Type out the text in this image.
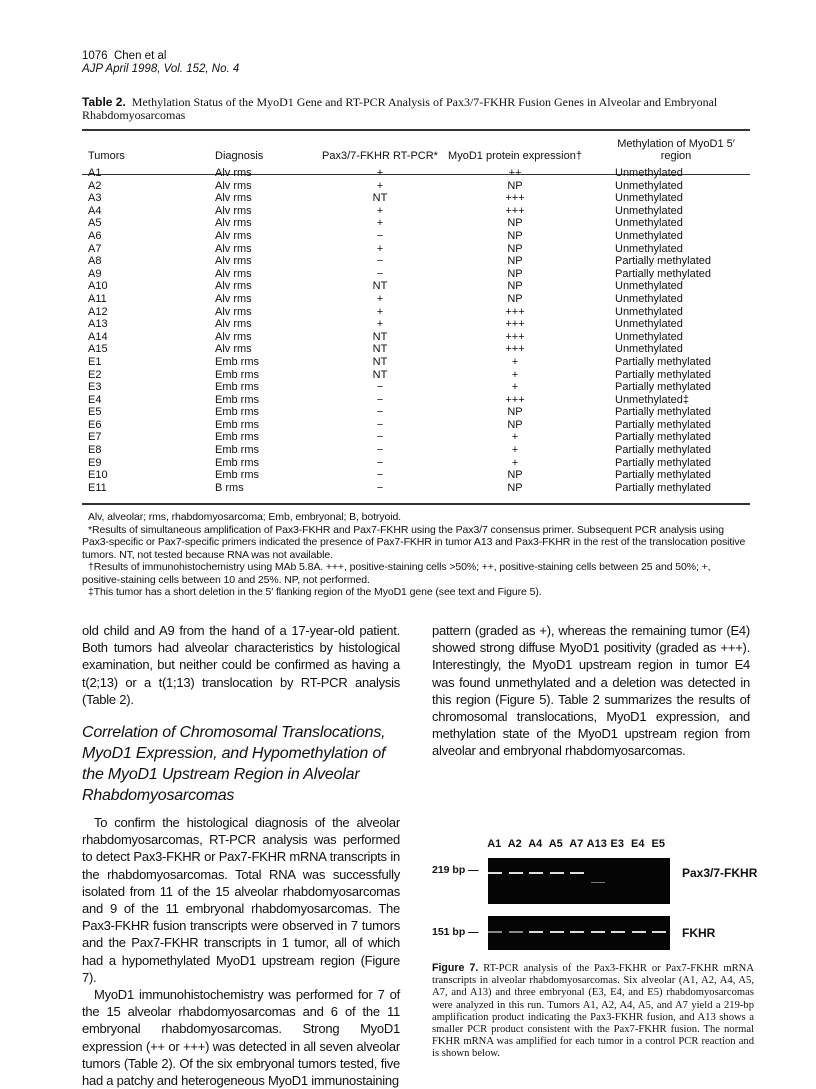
1076 Chen et al
AJP April 1998, Vol. 152, No. 4
Table 2. Methylation Status of the MyoD1 Gene and RT-PCR Analysis of Pax3/7-FKHR Fusion Genes in Alveolar and Embryonal Rhabdomyosarcomas
Tumors	Diagnosis	Pax3/7-FKHR RT-PCR*	MyoD1 protein expression†	Methylation of MyoD1 5′ region
A1	Alv rms	+	++	Unmethylated
A2	Alv rms	+	NP	Unmethylated
A3	Alv rms	NT	+++	Unmethylated
A4	Alv rms	+	+++	Unmethylated
A5	Alv rms	+	NP	Unmethylated
A6	Alv rms	−	NP	Unmethylated
A7	Alv rms	+	NP	Unmethylated
A8	Alv rms	−	NP	Partially methylated
A9	Alv rms	−	NP	Partially methylated
A10	Alv rms	NT	NP	Unmethylated
A11	Alv rms	+	NP	Unmethylated
A12	Alv rms	+	+++	Unmethylated
A13	Alv rms	+	+++	Unmethylated
A14	Alv rms	NT	+++	Unmethylated
A15	Alv rms	NT	+++	Unmethylated
E1	Emb rms	NT	+	Partially methylated
E2	Emb rms	NT	+	Partially methylated
E3	Emb rms	−	+	Partially methylated
E4	Emb rms	−	+++	Unmethylated‡
E5	Emb rms	−	NP	Partially methylated
E6	Emb rms	−	NP	Partially methylated
E7	Emb rms	−	+	Partially methylated
E8	Emb rms	−	+	Partially methylated
E9	Emb rms	−	+	Partially methylated
E10	Emb rms	−	NP	Partially methylated
E11	B rms	−	NP	Partially methylated

Alv, alveolar; rms, rhabdomyosarcoma; Emb, embryonal; B, botryoid.

*Results of simultaneous amplification of Pax3-FKHR and Pax7-FKHR using the Pax3/7 consensus primer. Subsequent PCR analysis using Pax3-specific or Pax7-specific primers indicated the presence of Pax7-FKHR in tumor A13 and Pax3-FKHR in the rest of the translocation positive tumors. NT, not tested because RNA was not available.

†Results of immunohistochemistry using MAb 5.8A. +++, positive-staining cells >50%; ++, positive-staining cells between 25 and 50%; +, positive-staining cells between 10 and 25%. NP, not performed.

‡This tumor has a short deletion in the 5′ flanking region of the MyoD1 gene (see text and Figure 5).

old child and A9 from the hand of a 17-year-old patient. Both tumors had alveolar characteristics by histological examination, but neither could be confirmed as having a t(2;13) or a t(1;13) translocation by RT-PCR analysis (Table 2).

Correlation of Chromosomal Translocations, MyoD1 Expression, and Hypomethylation of the MyoD1 Upstream Region in Alveolar Rhabdomyosarcomas

To confirm the histological diagnosis of the alveolar rhabdomyosarcomas, RT-PCR analysis was performed to detect Pax3-FKHR or Pax7-FKHR mRNA transcripts in the rhabdomyosarcomas. Total RNA was successfully isolated from 11 of the 15 alveolar rhabdomyosarcomas and 9 of the 11 embryonal rhabdomyosarcomas. The Pax3-FKHR fusion transcripts were observed in 7 tumors and the Pax7-FKHR transcripts in 1 tumor, all of which had a hypomethylated MyoD1 upstream region (Figure 7).

MyoD1 immunohistochemistry was performed for 7 of the 15 alveolar rhabdomyosarcomas and 6 of the 11 embryonal rhabdomyosarcomas. Strong MyoD1 expression (++ or +++) was detected in all seven alveolar tumors (Table 2). Of the six embryonal tumors tested, five had a patchy and heterogeneous MyoD1 immunostaining

pattern (graded as +), whereas the remaining tumor (E4) showed strong diffuse MyoD1 positivity (graded as +++). Interestingly, the MyoD1 upstream region in tumor E4 was found unmethylated and a deletion was detected in this region (Figure 5). Table 2 summarizes the results of chromosomal translocations, MyoD1 expression, and methylation state of the MyoD1 upstream region from alveolar and embryonal rhabdomyosarcomas.

A1 A2 A4 A5 A7 A13 E3 E4 E5
219 bp —	Pax3/7-FKHR
151 bp —	FKHR
Figure 7. RT-PCR analysis of the Pax3-FKHR or Pax7-FKHR mRNA transcripts in alveolar rhabdomyosarcomas. Six alveolar (A1, A2, A4, A5, A7, and A13) and three embryonal (E3, E4, and E5) rhabdomyosarcomas were analyzed in this run. Tumors A1, A2, A4, A5, and A7 yield a 219-bp amplification product indicating the Pax3-FKHR fusion, and A13 shows a smaller PCR product consistent with the Pax7-FKHR fusion. The normal FKHR mRNA was amplified for each tumor in a control PCR reaction and is shown below.
